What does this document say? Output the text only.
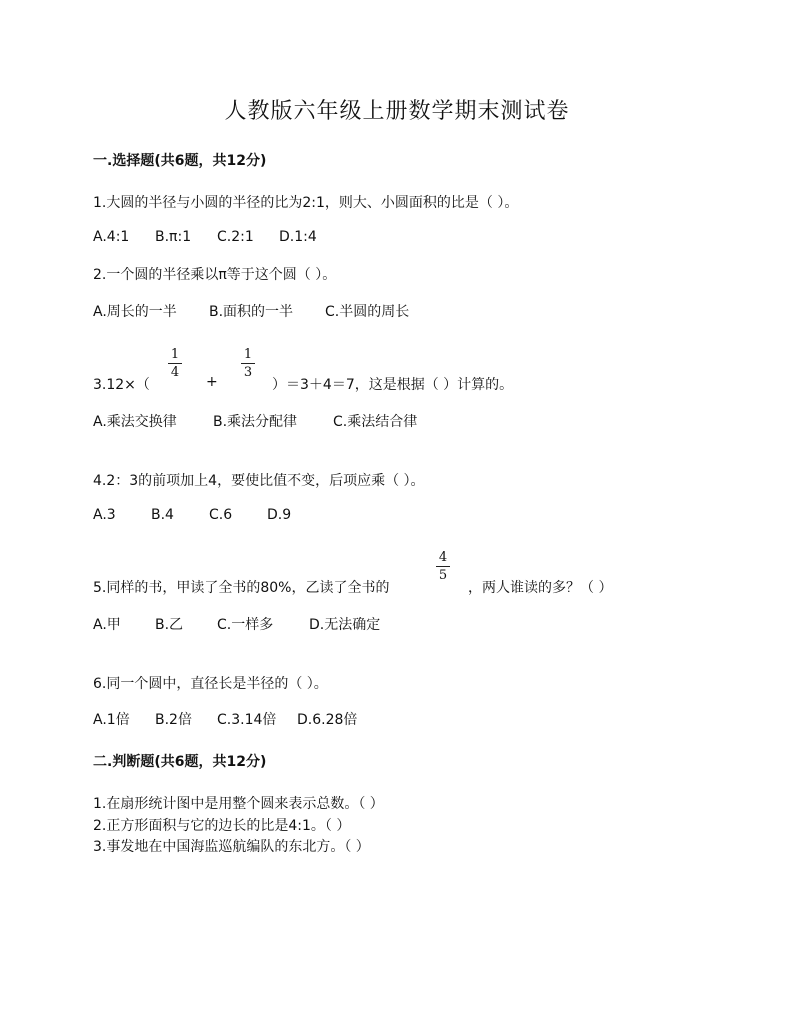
人教版六年级上册数学期末测试卷
一.选择题(共6题，共12分)
1.大圆的半径与小圆的半径的比为2:1，则大、小圆面积的比是（ ）。
A.4:1 B.π:1 C.2:1 D.1:4
2.一个圆的半径乘以π等于这个圆（ ）。
A.周长的一半 B.面积的一半 C.半圆的周长
1
4
1
3
3.12×（	+	）＝3＋4＝7，这是根据（ ）计算的。
A.乘法交换律	B.乘法分配律	C.乘法结合律
4.2：3的前项加上4，要使比值不变，后项应乘（ ）。
A.3	B.4	C.6 D.9
4
5
5.同样的书，甲读了全书的80%，乙读了全书的	，两人谁读的多？（ ）
A.甲 B.乙 C.一样多	D.无法确定
6.同一个圆中，直径长是半径的（ ）。
A.1倍 B.2倍 C.3.14倍 D.6.28倍
二.判断题(共6题，共12分)
1.在扇形统计图中是用整个圆来表示总数。（ ）
2.正方形面积与它的边长的比是4:1。（ ）
3.事发地在中国海监巡航编队的东北方。（ ）
